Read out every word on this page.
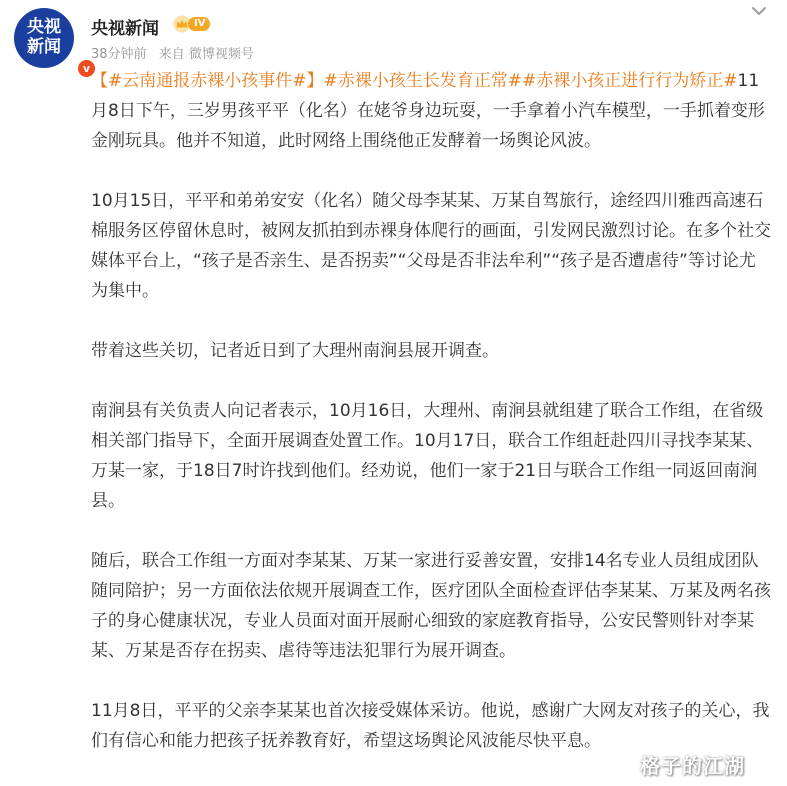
央视
新闻
v
央视新闻	IV
38分钟前 来自 微博视频号

【#云南通报赤裸小孩事件#】#赤裸小孩生长发育正常##赤裸小孩正进行行为矫正#11月8日下午，三岁男孩平平（化名）在姥爷身边玩耍，一手拿着小汽车模型，一手抓着变形金刚玩具。他并不知道，此时网络上围绕他正发酵着一场舆论风波。

10月15日，平平和弟弟安安（化名）随父母李某某、万某自驾旅行，途经四川雅西高速石棉服务区停留休息时，被网友抓拍到赤裸身体爬行的画面，引发网民激烈讨论。在多个社交媒体平台上，“孩子是否亲生、是否拐卖”“父母是否非法牟利”“孩子是否遭虐待”等讨论尤为集中。

带着这些关切，记者近日到了大理州南涧县展开调查。

南涧县有关负责人向记者表示，10月16日，大理州、南涧县就组建了联合工作组，在省级相关部门指导下，全面开展调查处置工作。10月17日，联合工作组赶赴四川寻找李某某、万某一家，于18日7时许找到他们。经劝说，他们一家于21日与联合工作组一同返回南涧县。

随后，联合工作组一方面对李某某、万某一家进行妥善安置，安排14名专业人员组成团队随同陪护；另一方面依法依规开展调查工作，医疗团队全面检查评估李某某、万某及两名孩子的身心健康状况，专业人员面对面开展耐心细致的家庭教育指导，公安民警则针对李某某、万某是否存在拐卖、虐待等违法犯罪行为展开调查。

11月8日，平平的父亲李某某也首次接受媒体采访。他说，感谢广大网友对孩子的关心，我们有信心和能力把孩子抚养教育好，希望这场舆论风波能尽快平息。

格子的江湖
